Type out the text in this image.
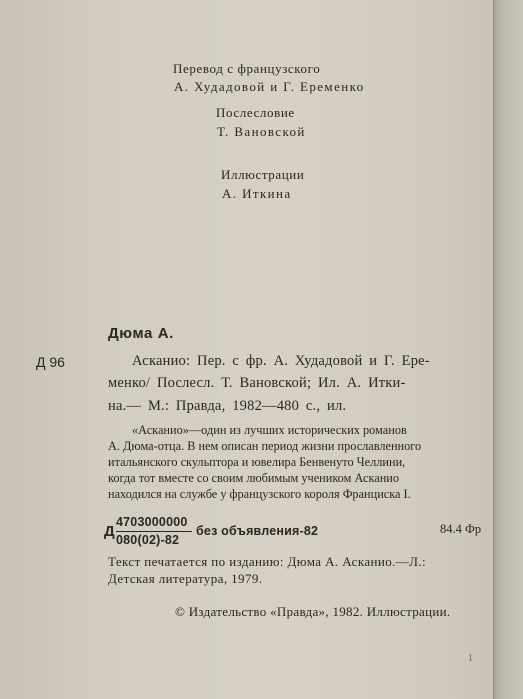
Перевод с французского
А. Худадовой и Г. Еременко
Послесловие
Т. Вановской
Иллюстрации
А. Иткина
Дюма А.
Д 96	Асканио: Пер. с фр. А. Худадовой и Г. Ере-
менко/ Послесл. Т. Вановской; Ил. А. Итки-
на.— М.: Правда, 1982—480 с., ил.
«Асканио»—один из лучших исторических романов
А. Дюма-отца. В нем описан период жизни прославленного
итальянского скульптора и ювелира Бенвенуто Челлини,
когда тот вместе со своим любимым учеником Асканио
находился на службе у французского короля Франциска I.
Д
4703000000
080(02)-82
без объявления-82	84.4 Фр
Текст печатается по изданию: Дюма А. Асканио.—Л.:
Детская литература, 1979.
© Издательство «Правда», 1982. Иллюстрации.
1
